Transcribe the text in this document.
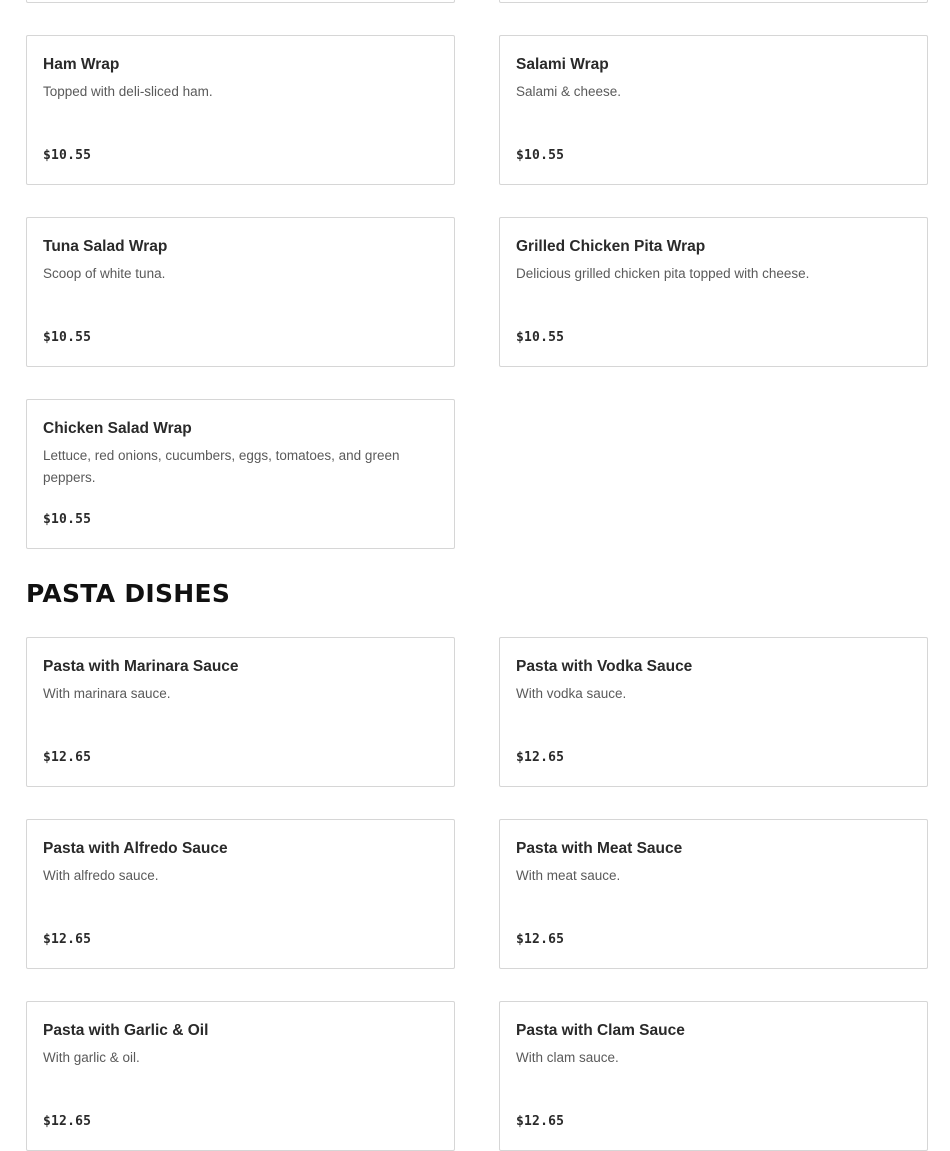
Ham Wrap
Topped with deli-sliced ham.
$10.55
Salami Wrap
Salami & cheese.
$10.55
Tuna Salad Wrap
Scoop of white tuna.
$10.55
Grilled Chicken Pita Wrap
Delicious grilled chicken pita topped with cheese.
$10.55
Chicken Salad Wrap
Lettuce, red onions, cucumbers, eggs, tomatoes, and green peppers.
$10.55
PASTA DISHES
Pasta with Marinara Sauce
With marinara sauce.
$12.65
Pasta with Vodka Sauce
With vodka sauce.
$12.65
Pasta with Alfredo Sauce
With alfredo sauce.
$12.65
Pasta with Meat Sauce
With meat sauce.
$12.65
Pasta with Garlic & Oil
With garlic & oil.
$12.65
Pasta with Clam Sauce
With clam sauce.
$12.65
